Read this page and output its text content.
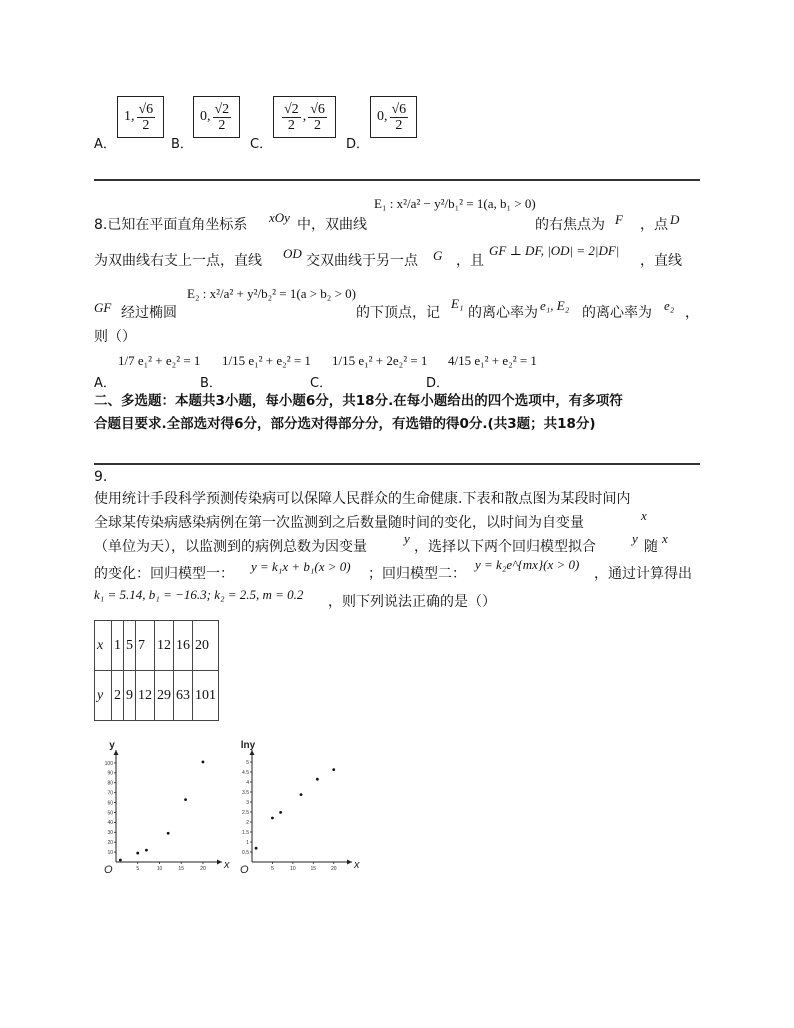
A．
1 , $\frac{√6}{2}$
B．
0 , $\frac{√2}{2}$
C．
$\frac{√2}{2}$ , $\frac{√6}{2}$
D．
0 , $\frac{√6}{2}$
8.已知在平面直角坐标系 xOy 中，双曲线
E₁ : x²/a² − y²/b₁² = 1(a, b₁ > 0)
的右焦点为 F ，点 D
为双曲线右支上一点，直线 OD 交双曲线于另一点 G ，且
GF ⊥ DF, |OD| = 2|DF|
，直线
GF 经过椭圆
E₂ : x²/a² + y²/b₂² = 1(a > b₂ > 0)
的下顶点，记
E₁
的离心率为 e₁, E₂ 的离心率为 e₂ ，
则（）
A．
1/7 e₁² + e₂² = 1
B．
1/15 e₁² + e₂² = 1
C．
1/15 e₁² + 2e₂² = 1
D．
4/15 e₁² + e₂² = 1
二、多选题：本题共3小题，每小题6分，共18分.在每小题给出的四个选项中，有多项符
合题目要求.全部选对得6分，部分选对得部分分，有选错的得0分.(共3题；共18分)
9.
使用统计手段科学预测传染病可以保障人民群众的生命健康.下表和散点图为某段时间内
全球某传染病感染病例在第一次监测到之后数量随时间的变化，以时间为自变量	x
（单位为天），以监测到的病例总数为因变量
y
，选择以下两个回归模型拟合
y
随
x
的变化：回归模型一： y = k₁x + b₁(x > 0) ；回归模型二：
y = k₂e^{mx}(x > 0)
，通过计算得出
k₁ = 5.14, b₁ = −16.3; k₂ = 2.5, m = 0.2 ，则下列说法正确的是（）
x	1	5	7	12	16	20
y	2	9	12	29	63	101
x
y
O	5	10	15	20
10
20
30
40
50
60
70
80
90
100
x
lny
O	5	10	15	20
0.5
1
1.5
2
2.5
3
3.5
4
4.5
5
